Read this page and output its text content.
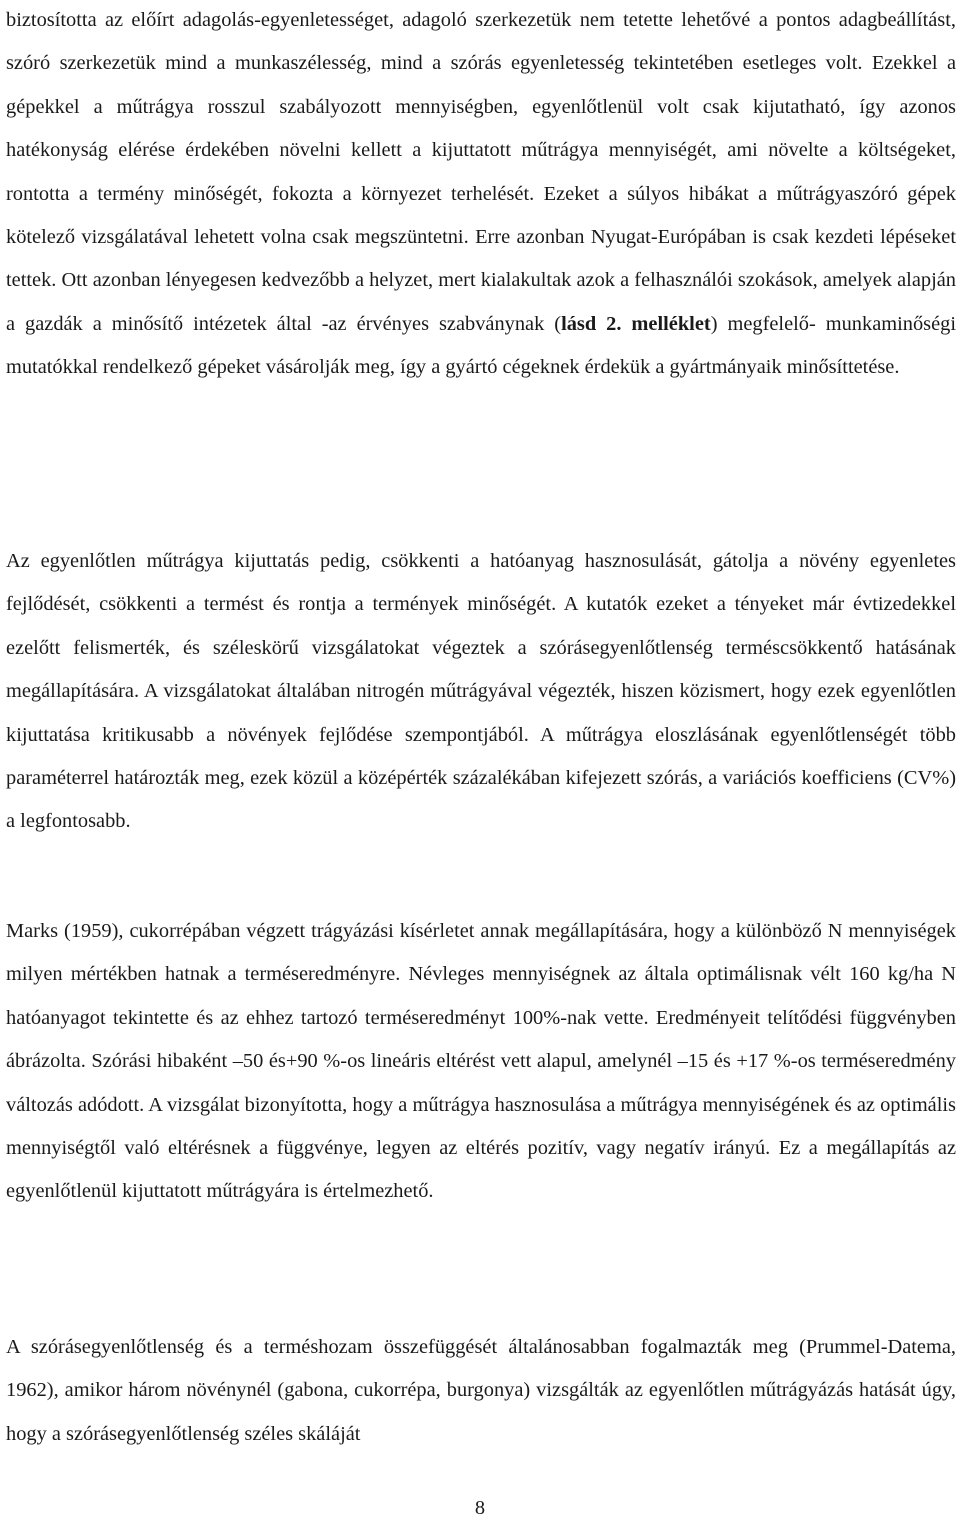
biztosította az előírt adagolás-egyenletességet, adagoló szerkezetük nem tetette lehetővé a pontos adagbeállítást, szóró szerkezetük mind a munkaszélesség, mind a szórás egyenletesség tekintetében esetleges volt. Ezekkel a gépekkel a műtrágya rosszul szabályozott mennyiségben, egyenlőtlenül volt csak kijutatható, így azonos hatékonyság elérése érdekében növelni kellett a kijuttatott műtrágya mennyiségét, ami növelte a költségeket, rontotta a termény minőségét, fokozta a környezet terhelését. Ezeket a súlyos hibákat a műtrágyaszóró gépek kötelező vizsgálatával lehetett volna csak megszüntetni. Erre azonban Nyugat-Európában is csak kezdeti lépéseket tettek. Ott azonban lényegesen kedvezőbb a helyzet, mert kialakultak azok a felhasználói szokások, amelyek alapján a gazdák a minősítő intézetek által -az érvényes szabványnak (lásd 2. melléklet) megfelelő- munkaminőségi mutatókkal rendelkező gépeket vásárolják meg, így a gyártó cégeknek érdekük a gyártmányaik minősíttetése.

Az egyenlőtlen műtrágya kijuttatás pedig, csökkenti a hatóanyag hasznosulását, gátolja a növény egyenletes fejlődését, csökkenti a termést és rontja a termények minőségét. A kutatók ezeket a tényeket már évtizedekkel ezelőtt felismerték, és széleskörű vizsgálatokat végeztek a szórásegyenlőtlenség terméscsökkentő hatásának megállapítására. A vizsgálatokat általában nitrogén műtrágyával végezték, hiszen közismert, hogy ezek egyenlőtlen kijuttatása kritikusabb a növények fejlődése szempontjából. A műtrágya eloszlásának egyenlőtlenségét több paraméterrel határozták meg, ezek közül a középérték százalékában kifejezett szórás, a variációs koefficiens (CV%) a legfontosabb.

Marks (1959), cukorrépában végzett trágyázási kísérletet annak megállapítására, hogy a különböző N mennyiségek milyen mértékben hatnak a terméseredményre. Névleges mennyiségnek az általa optimálisnak vélt 160 kg/ha N hatóanyagot tekintette és az ehhez tartozó terméseredményt 100%-nak vette. Eredményeit telítődési függvényben ábrázolta. Szórási hibaként –50 és+90 %-os lineáris eltérést vett alapul, amelynél –15 és +17 %-os terméseredmény változás adódott. A vizsgálat bizonyította, hogy a műtrágya hasznosulása a műtrágya mennyiségének és az optimális mennyiségtől való eltérésnek a függvénye, legyen az eltérés pozitív, vagy negatív irányú. Ez a megállapítás az egyenlőtlenül kijuttatott műtrágyára is értelmezhető.

A szórásegyenlőtlenség és a terméshozam összefüggését általánosabban fogalmazták meg (Prummel-Datema, 1962), amikor három növénynél (gabona, cukorrépa, burgonya) vizsgálták az egyenlőtlen műtrágyázás hatását úgy, hogy a szórásegyenlőtlenség széles skáláját

8
